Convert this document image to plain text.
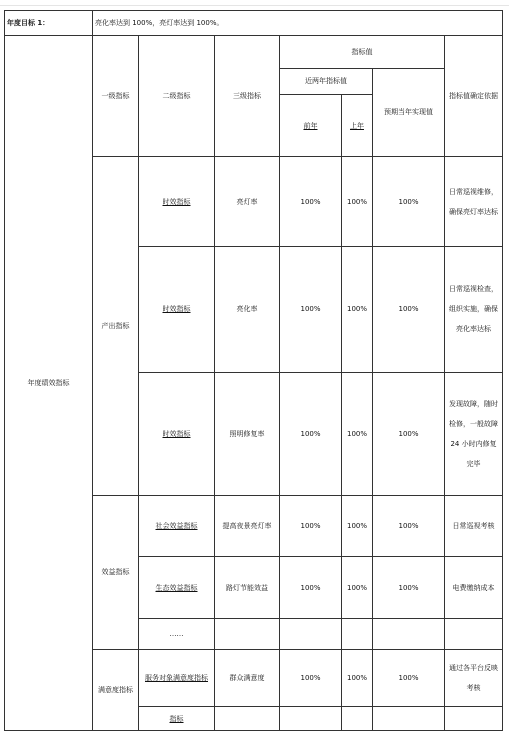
年度目标 1：	亮化率达到 100%，亮灯率达到 100%。						
年度绩效指标	一级指标	二级指标	三级指标	指标值			指标值确定依据
				近两年指标值		预期当年实现值	
				前年	上年		
	产出指标	时效指标	亮灯率	100%	100%	100%	日常巡视维修，确保亮灯率达标
		时效指标	亮化率	100%	100%	100%	日常巡视检查，组织实施，确保亮化率达标
		时效指标	照明修复率	100%	100%	100%	发现故障，随时检修，一般故障 24 小时内修复完毕
	效益指标	社会效益指标	提高夜景亮灯率	100%	100%	100%	日常巡视考核
		生态效益指标	路灯节能效益	100%	100%	100%	电费缴纳成本
		……					
	满意度指标	服务对象满意度指标	群众满意度	100%	100%	100%	通过各平台反映考核
		指标					
